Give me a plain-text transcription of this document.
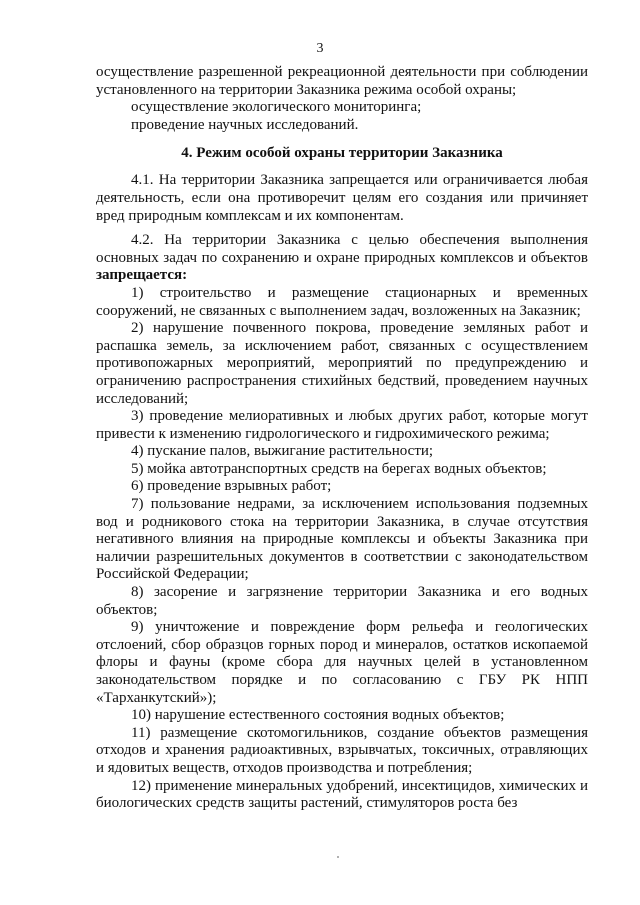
3

осуществление разрешенной рекреационной деятельности при соблюдении установленного на территории Заказника режима особой охраны;

осуществление экологического мониторинга;

проведение научных исследований.

4. Режим особой охраны территории Заказника

4.1. На территории Заказника запрещается или ограничивается любая деятельность, если она противоречит целям его создания или причиняет вред природным комплексам и их компонентам.

4.2. На территории Заказника с целью обеспечения выполнения основных задач по сохранению и охране природных комплексов и объектов запрещается:

1) строительство и размещение стационарных и временных сооружений, не связанных с выполнением задач, возложенных на Заказник;

2) нарушение почвенного покрова, проведение земляных работ и распашка земель, за исключением работ, связанных с осуществлением противопожарных мероприятий, мероприятий по предупреждению и ограничению распространения стихийных бедствий, проведением научных исследований;

3) проведение мелиоративных и любых других работ, которые могут привести к изменению гидрологического и гидрохимического режима;

4) пускание палов, выжигание растительности;

5) мойка автотранспортных средств на берегах водных объектов;

6) проведение взрывных работ;

7) пользование недрами, за исключением использования подземных вод и родникового стока на территории Заказника, в случае отсутствия негативного влияния на природные комплексы и объекты Заказника при наличии разрешительных документов в соответствии с законодательством Российской Федерации;

8) засорение и загрязнение территории Заказника и его водных объектов;

9) уничтожение и повреждение форм рельефа и геологических отслоений, сбор образцов горных пород и минералов, остатков ископаемой флоры и фауны (кроме сбора для научных целей в установленном законодательством порядке и по согласованию с ГБУ РК НПП «Тарханкутский»);

10) нарушение естественного состояния водных объектов;

11) размещение скотомогильников, создание объектов размещения отходов и хранения радиоактивных, взрывчатых, токсичных, отравляющих и ядовитых веществ, отходов производства и потребления;

12) применение минеральных удобрений, инсектицидов, химических и биологических средств защиты растений, стимуляторов роста без
